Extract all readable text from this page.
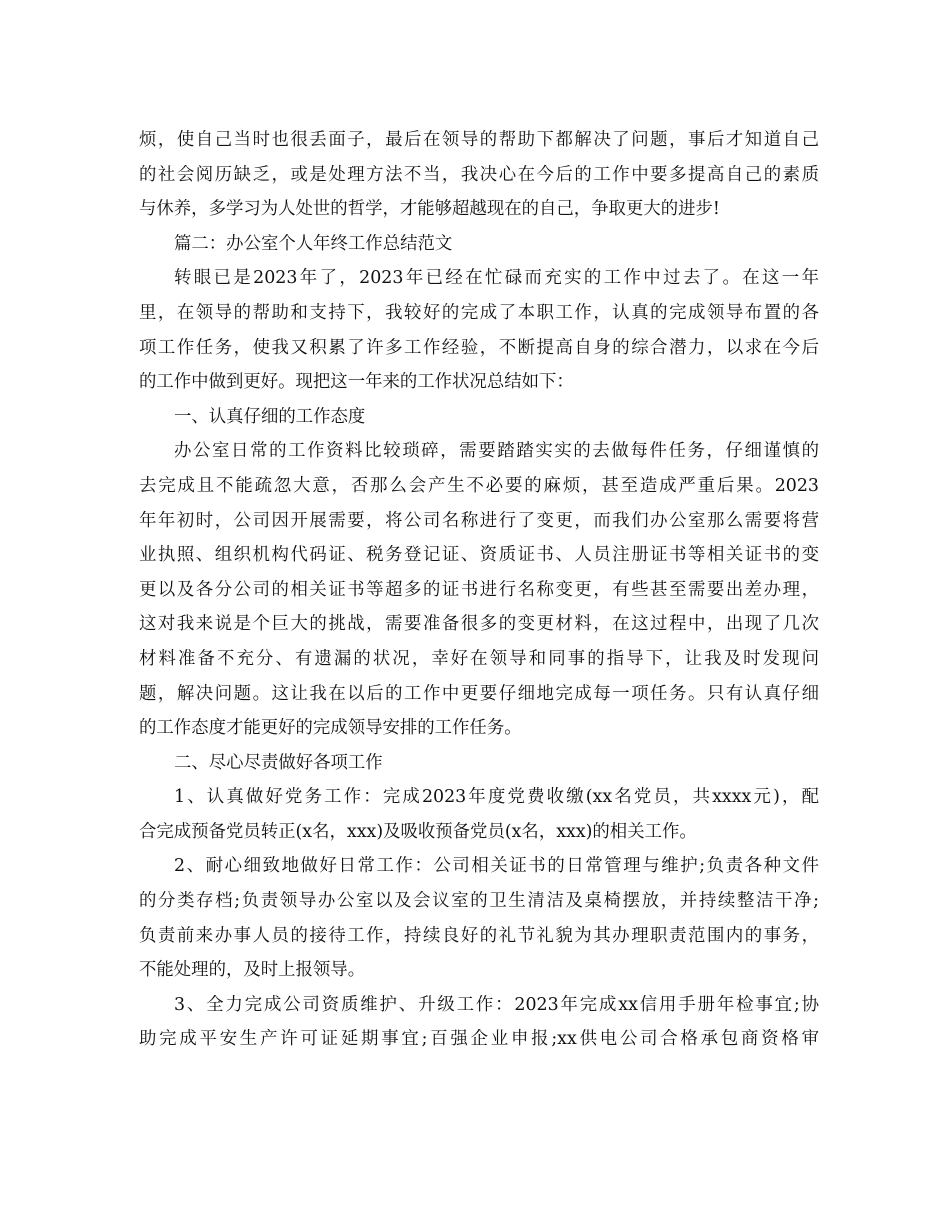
烦，使自己当时也很丢面子，最后在领导的帮助下都解决了问题，事后才知道自己
的社会阅历缺乏，或是处理方法不当，我决心在今后的工作中要多提高自己的素质
与休养，多学习为人处世的哲学，才能够超越现在的自己，争取更大的进步!
篇二：办公室个人年终工作总结范文
转眼已是2023年了，2023年已经在忙碌而充实的工作中过去了。在这一年
里，在领导的帮助和支持下，我较好的完成了本职工作，认真的完成领导布置的各
项工作任务，使我又积累了许多工作经验，不断提高自身的综合潜力，以求在今后
的工作中做到更好。现把这一年来的工作状况总结如下：
一、认真仔细的工作态度
办公室日常的工作资料比较琐碎，需要踏踏实实的去做每件任务，仔细谨慎的
去完成且不能疏忽大意，否那么会产生不必要的麻烦，甚至造成严重后果。2023
年年初时，公司因开展需要，将公司名称进行了变更，而我们办公室那么需要将营
业执照、组织机构代码证、税务登记证、资质证书、人员注册证书等相关证书的变
更以及各分公司的相关证书等超多的证书进行名称变更，有些甚至需要出差办理，
这对我来说是个巨大的挑战，需要准备很多的变更材料，在这过程中，出现了几次
材料准备不充分、有遗漏的状况，幸好在领导和同事的指导下，让我及时发现问
题，解决问题。这让我在以后的工作中更要仔细地完成每一项任务。只有认真仔细
的工作态度才能更好的完成领导安排的工作任务。
二、尽心尽责做好各项工作
1、认真做好党务工作：完成2023年度党费收缴(xx名党员，共xxxx元)，配
合完成预备党员转正(x名，xxx)及吸收预备党员(x名，xxx)的相关工作。
2、耐心细致地做好日常工作：公司相关证书的日常管理与维护;负责各种文件
的分类存档;负责领导办公室以及会议室的卫生清洁及桌椅摆放，并持续整洁干净;
负责前来办事人员的接待工作，持续良好的礼节礼貌为其办理职责范围内的事务，
不能处理的，及时上报领导。
3、全力完成公司资质维护、升级工作：2023年完成xx信用手册年检事宜;协
助完成平安生产许可证延期事宜;百强企业申报;xx供电公司合格承包商资格审
